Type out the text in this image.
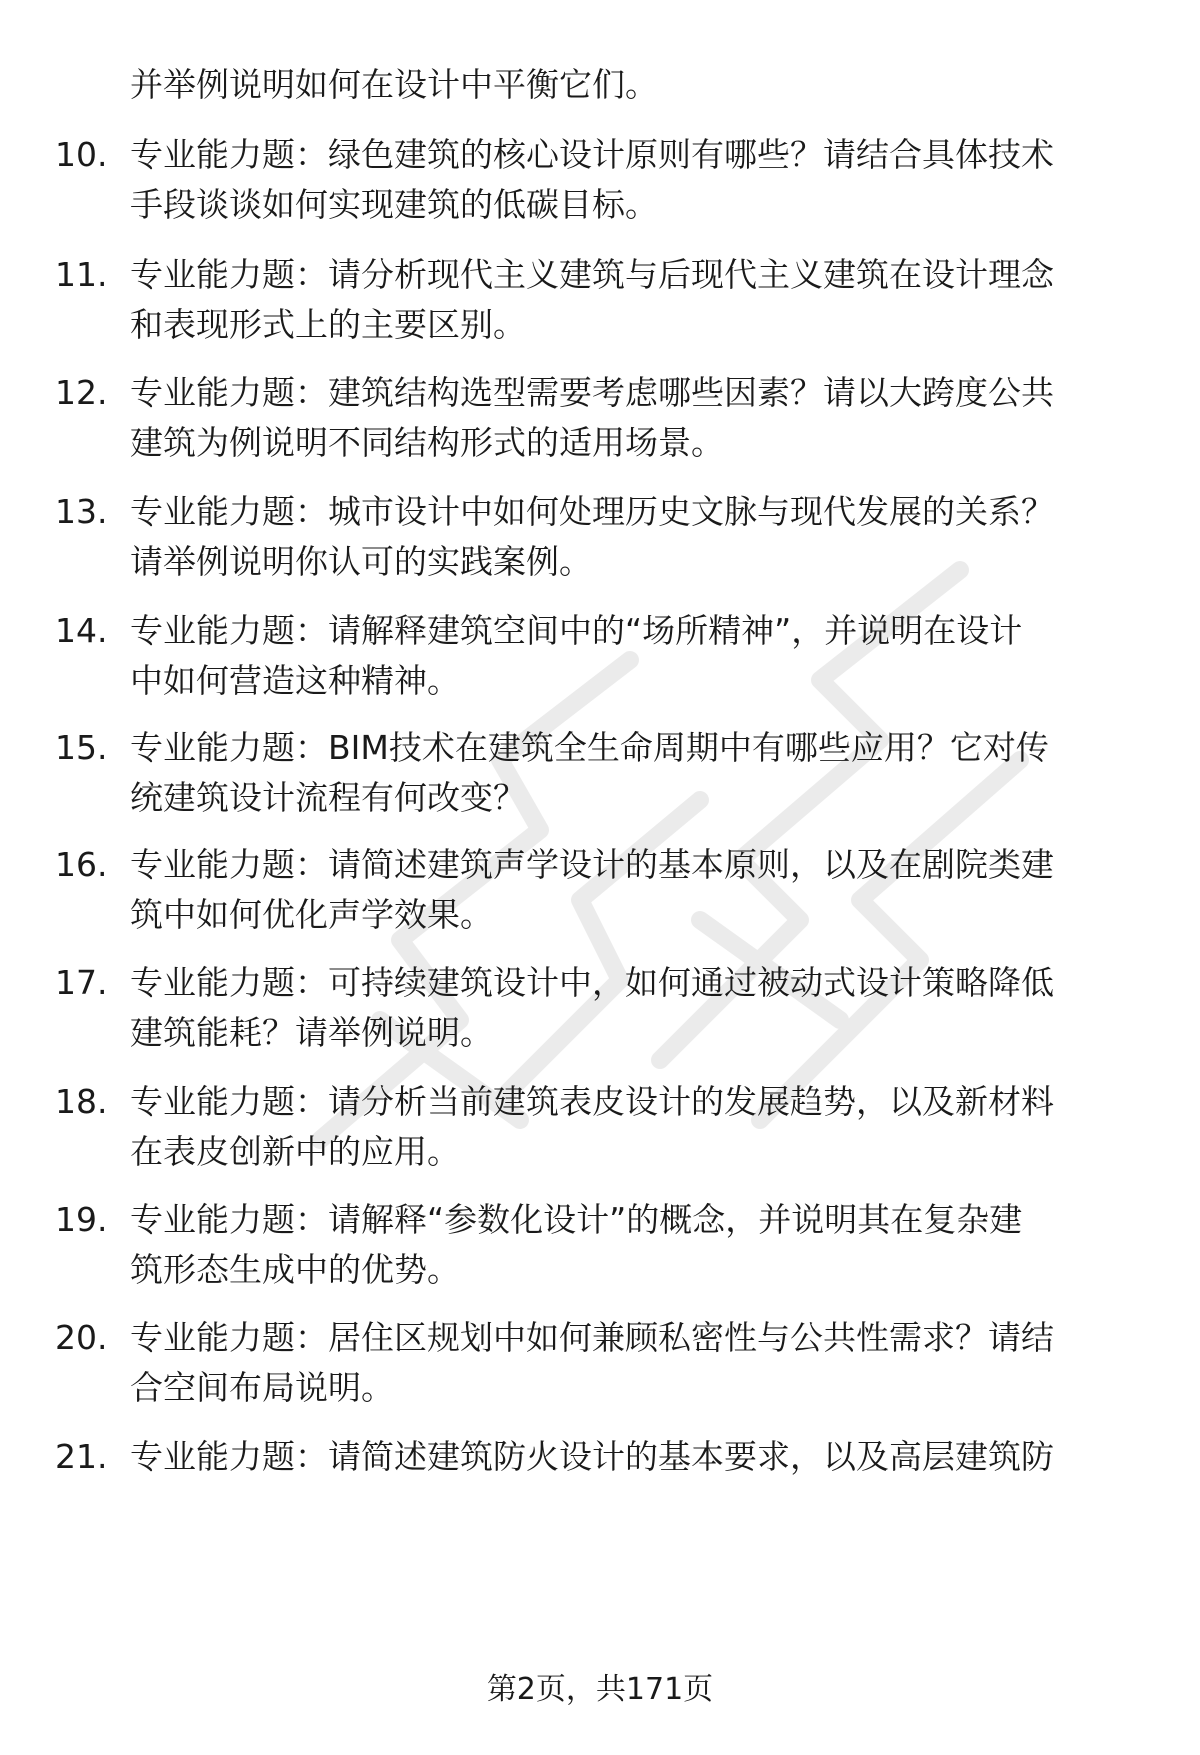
并举例说明如何在设计中平衡它们。

10. 专业能力题：绿色建筑的核心设计原则有哪些？请结合具体技术
手段谈谈如何实现建筑的低碳目标。

11. 专业能力题：请分析现代主义建筑与后现代主义建筑在设计理念
和表现形式上的主要区别。

12. 专业能力题：建筑结构选型需要考虑哪些因素？请以大跨度公共
建筑为例说明不同结构形式的适用场景。

13. 专业能力题：城市设计中如何处理历史文脉与现代发展的关系？
请举例说明你认可的实践案例。

14. 专业能力题：请解释建筑空间中的“场所精神”，并说明在设计
中如何营造这种精神。

15. 专业能力题：BIM技术在建筑全生命周期中有哪些应用？它对传
统建筑设计流程有何改变？

16. 专业能力题：请简述建筑声学设计的基本原则，以及在剧院类建
筑中如何优化声学效果。

17. 专业能力题：可持续建筑设计中，如何通过被动式设计策略降低
建筑能耗？请举例说明。

18. 专业能力题：请分析当前建筑表皮设计的发展趋势，以及新材料
在表皮创新中的应用。

19. 专业能力题：请解释“参数化设计”的概念，并说明其在复杂建
筑形态生成中的优势。

20. 专业能力题：居住区规划中如何兼顾私密性与公共性需求？请结
合空间布局说明。

21. 专业能力题：请简述建筑防火设计的基本要求，以及高层建筑防

第2页，共171页
